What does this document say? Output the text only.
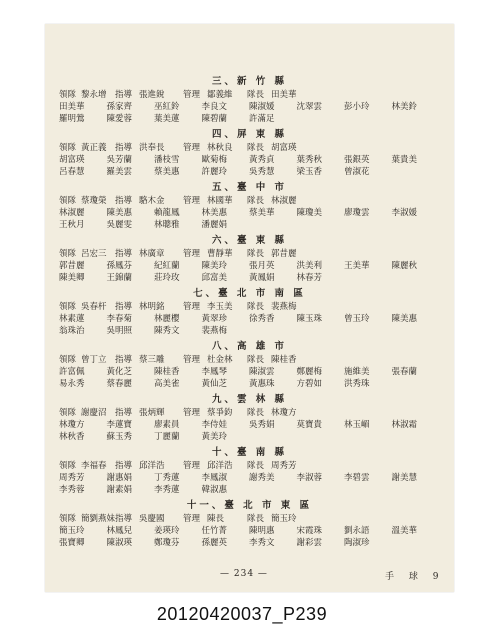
三、新 竹 縣
領隊 黎永增 指導 張進銳	管理 鄒義維	隊長 田美華
田美華	孫家齊	巫紅鈴	李良文	陳淑媛	沈翠雲	彭小玲	林美鈴
羅明鶯	陳愛蓉	葉美蓮	陳碧蘭	許滿足
四、屏 東 縣
領隊 黃正義 指導 洪奉長	管理 林秋良	隊長 胡富瑛
胡富瑛	吳芳蘭	潘枝雪	歐菊梅	黃秀貞	葉秀秋	張銀英	葉貴美
呂春慧	羅美雲	蔡美惠	許麗玲	吳秀慧	梁玉香	曾淑花
五、臺 中 市
領隊 蔡瓊榮 指導 駱木金	管理 林國華	隊長 林淑麗
林淑麗	陳美惠	賴龍鳳	林美惠	蔡美華	陳瓊美	廖瓊雲	李淑媛
王秋月	吳麗雯	林聰雅	潘麗娟
六、臺 東 縣
領隊 呂宏三 指導 林廣章	管理 曹靜華	隊長 郭昔麗
郭昔麗	孫鳳芬	紀紅蘭	陳美玲	張月英	洪美利	王美華	陳麗秋
陳美卿	王錦蘭	莊玲玫	邱富美	黃鳳娟	林春芳
七、臺 北 市 南 區
領隊 吳春杆 指導 林明銘	管理 李玉美	隊長 裴燕梅
林素蓮	李春菊	林麗櫻	黃翠珍	徐秀香	陳玉珠	曾玉玲	陳美惠
翁珠治	吳明照	陳秀文	裴燕梅
八、高 雄 市
領隊 曾丁立 指導 蔡三雕	管理 杜金林	隊長 陳桂香
許富佩	黃化芝	陳桂香	李鳳琴	陳淑雲	鄭麗梅	施維美	張春蘭
易永秀	蔡春麗	高美雀	黃仙芝	黃惠珠	方碧如	洪秀珠
九、雲 林 縣
領隊 謝慶沼 指導 張炳輝	管理 蔡爭鈞	隊長 林瓊方
林瓊方	李蓮寶	廖素員	李侍娃	吳秀娟	莫寶貴	林玉嵋	林淑霜
林秋香	蘇玉秀	丁麗蘭	黃美玲
十、臺 南 縣
領隊 李福春 指導 邱洋浩	管理 邱洋浩	隊長 周秀芳
周秀芳	謝惠娟	丁秀蓮	李鳳淑	謝秀美	李淑蓉	李碧雲	謝美慧
李秀蓉	謝素娟	李秀蓮	韓淑惠
十一、臺 北 市 東 區
領隊 簡劉燕妹 指導 吳慶國	管理 陳長	隊長 簡玉玲
簡玉玲	林鳳兒	姜瑛玲	任竹菁	陳明惠	宋霞珠	劉永語	溫美華
張寶卿	陳淑瑛	鄭瓊芬	孫麗英	李秀文	謝彩雲	陶淑珍
— 234 —	手 球 9
20120420037_P239
